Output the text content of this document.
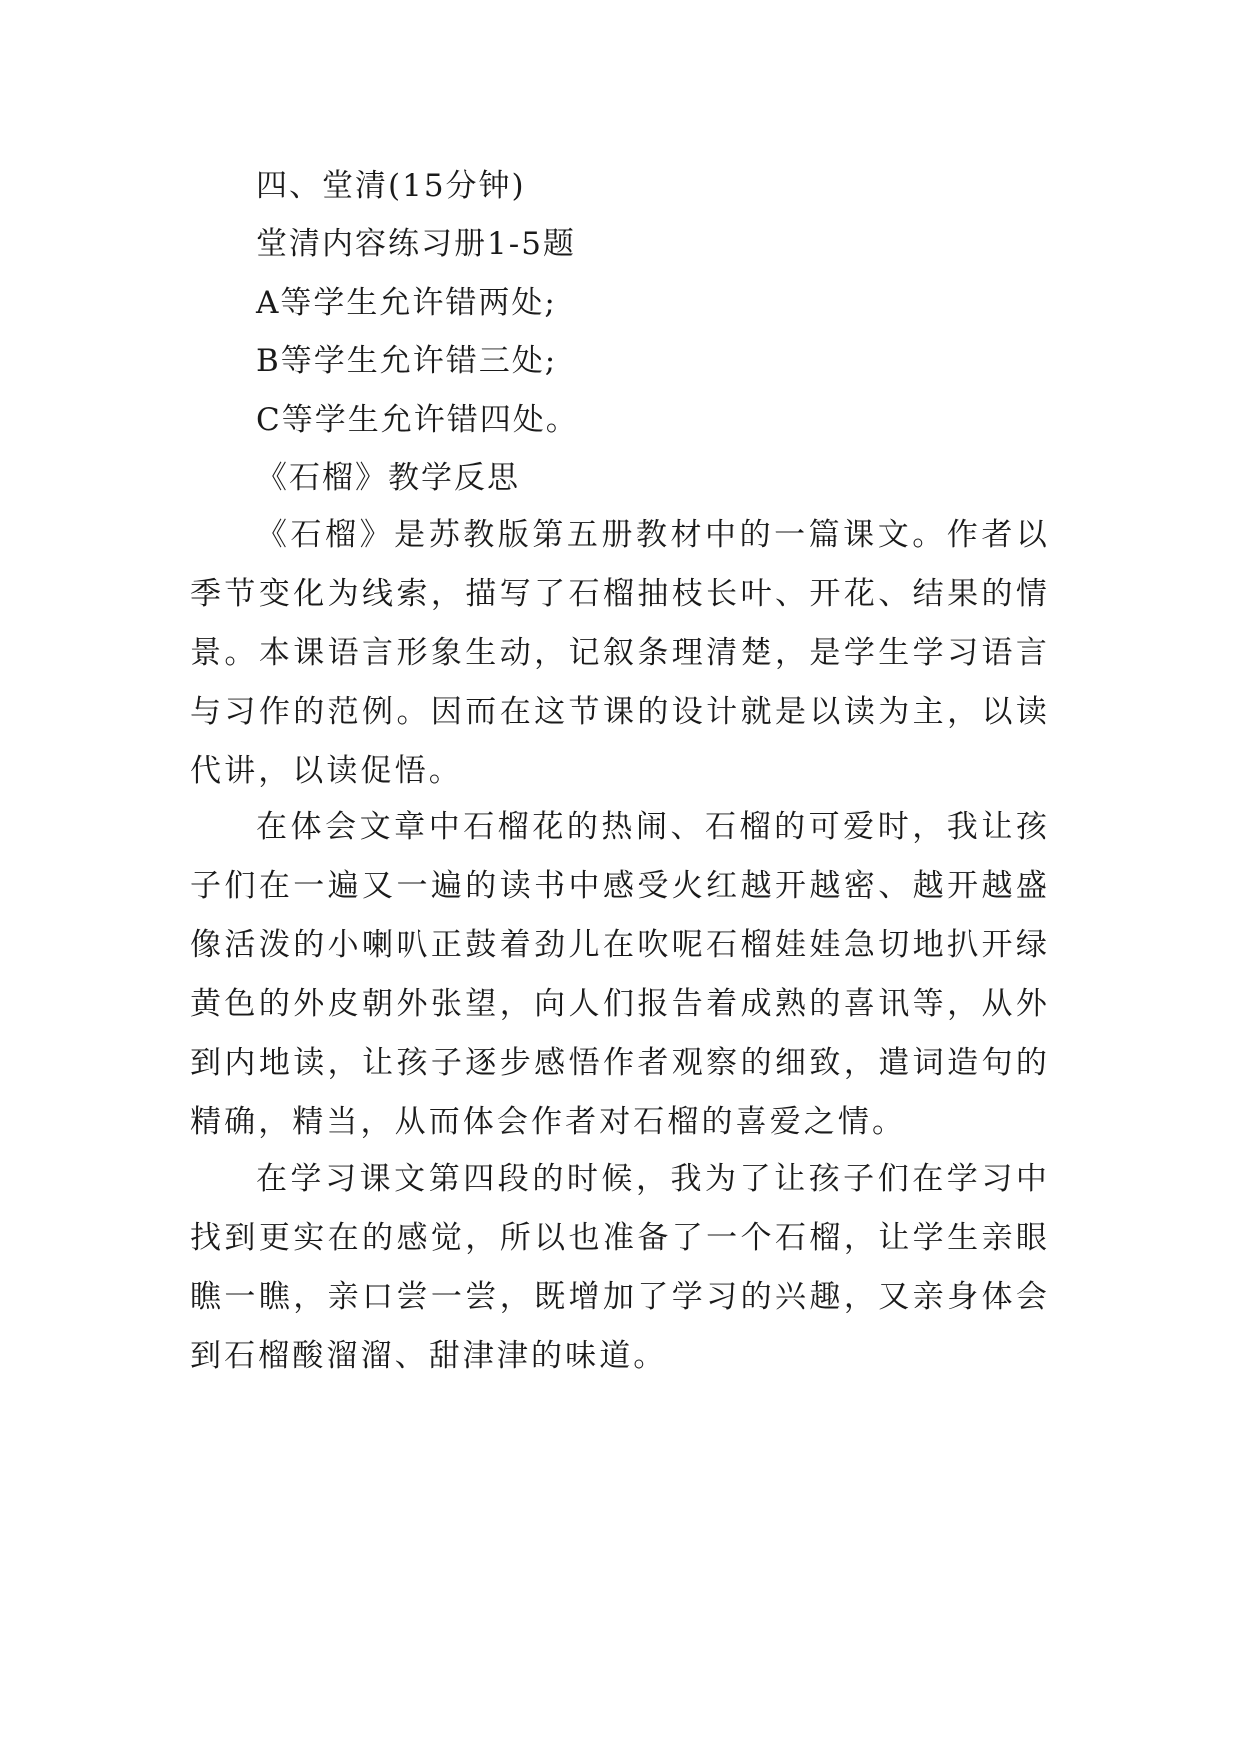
四、堂清(15分钟)
堂清内容练习册1-5题
A等学生允许错两处;
B等学生允许错三处;
C等学生允许错四处。
《石榴》教学反思

《石榴》是苏教版第五册教材中的一篇课文。作者以季节变化为线索，描写了石榴抽枝长叶、开花、结果的情景。本课语言形象生动，记叙条理清楚，是学生学习语言与习作的范例。因而在这节课的设计就是以读为主，以读代讲，以读促悟。

在体会文章中石榴花的热闹、石榴的可爱时，我让孩子们在一遍又一遍的读书中感受火红越开越密、越开越盛像活泼的小喇叭正鼓着劲儿在吹呢石榴娃娃急切地扒开绿黄色的外皮朝外张望，向人们报告着成熟的喜讯等，从外到内地读，让孩子逐步感悟作者观察的细致，遣词造句的精确，精当，从而体会作者对石榴的喜爱之情。

在学习课文第四段的时候，我为了让孩子们在学习中找到更实在的感觉，所以也准备了一个石榴，让学生亲眼瞧一瞧，亲口尝一尝，既增加了学习的兴趣，又亲身体会到石榴酸溜溜、甜津津的味道。
